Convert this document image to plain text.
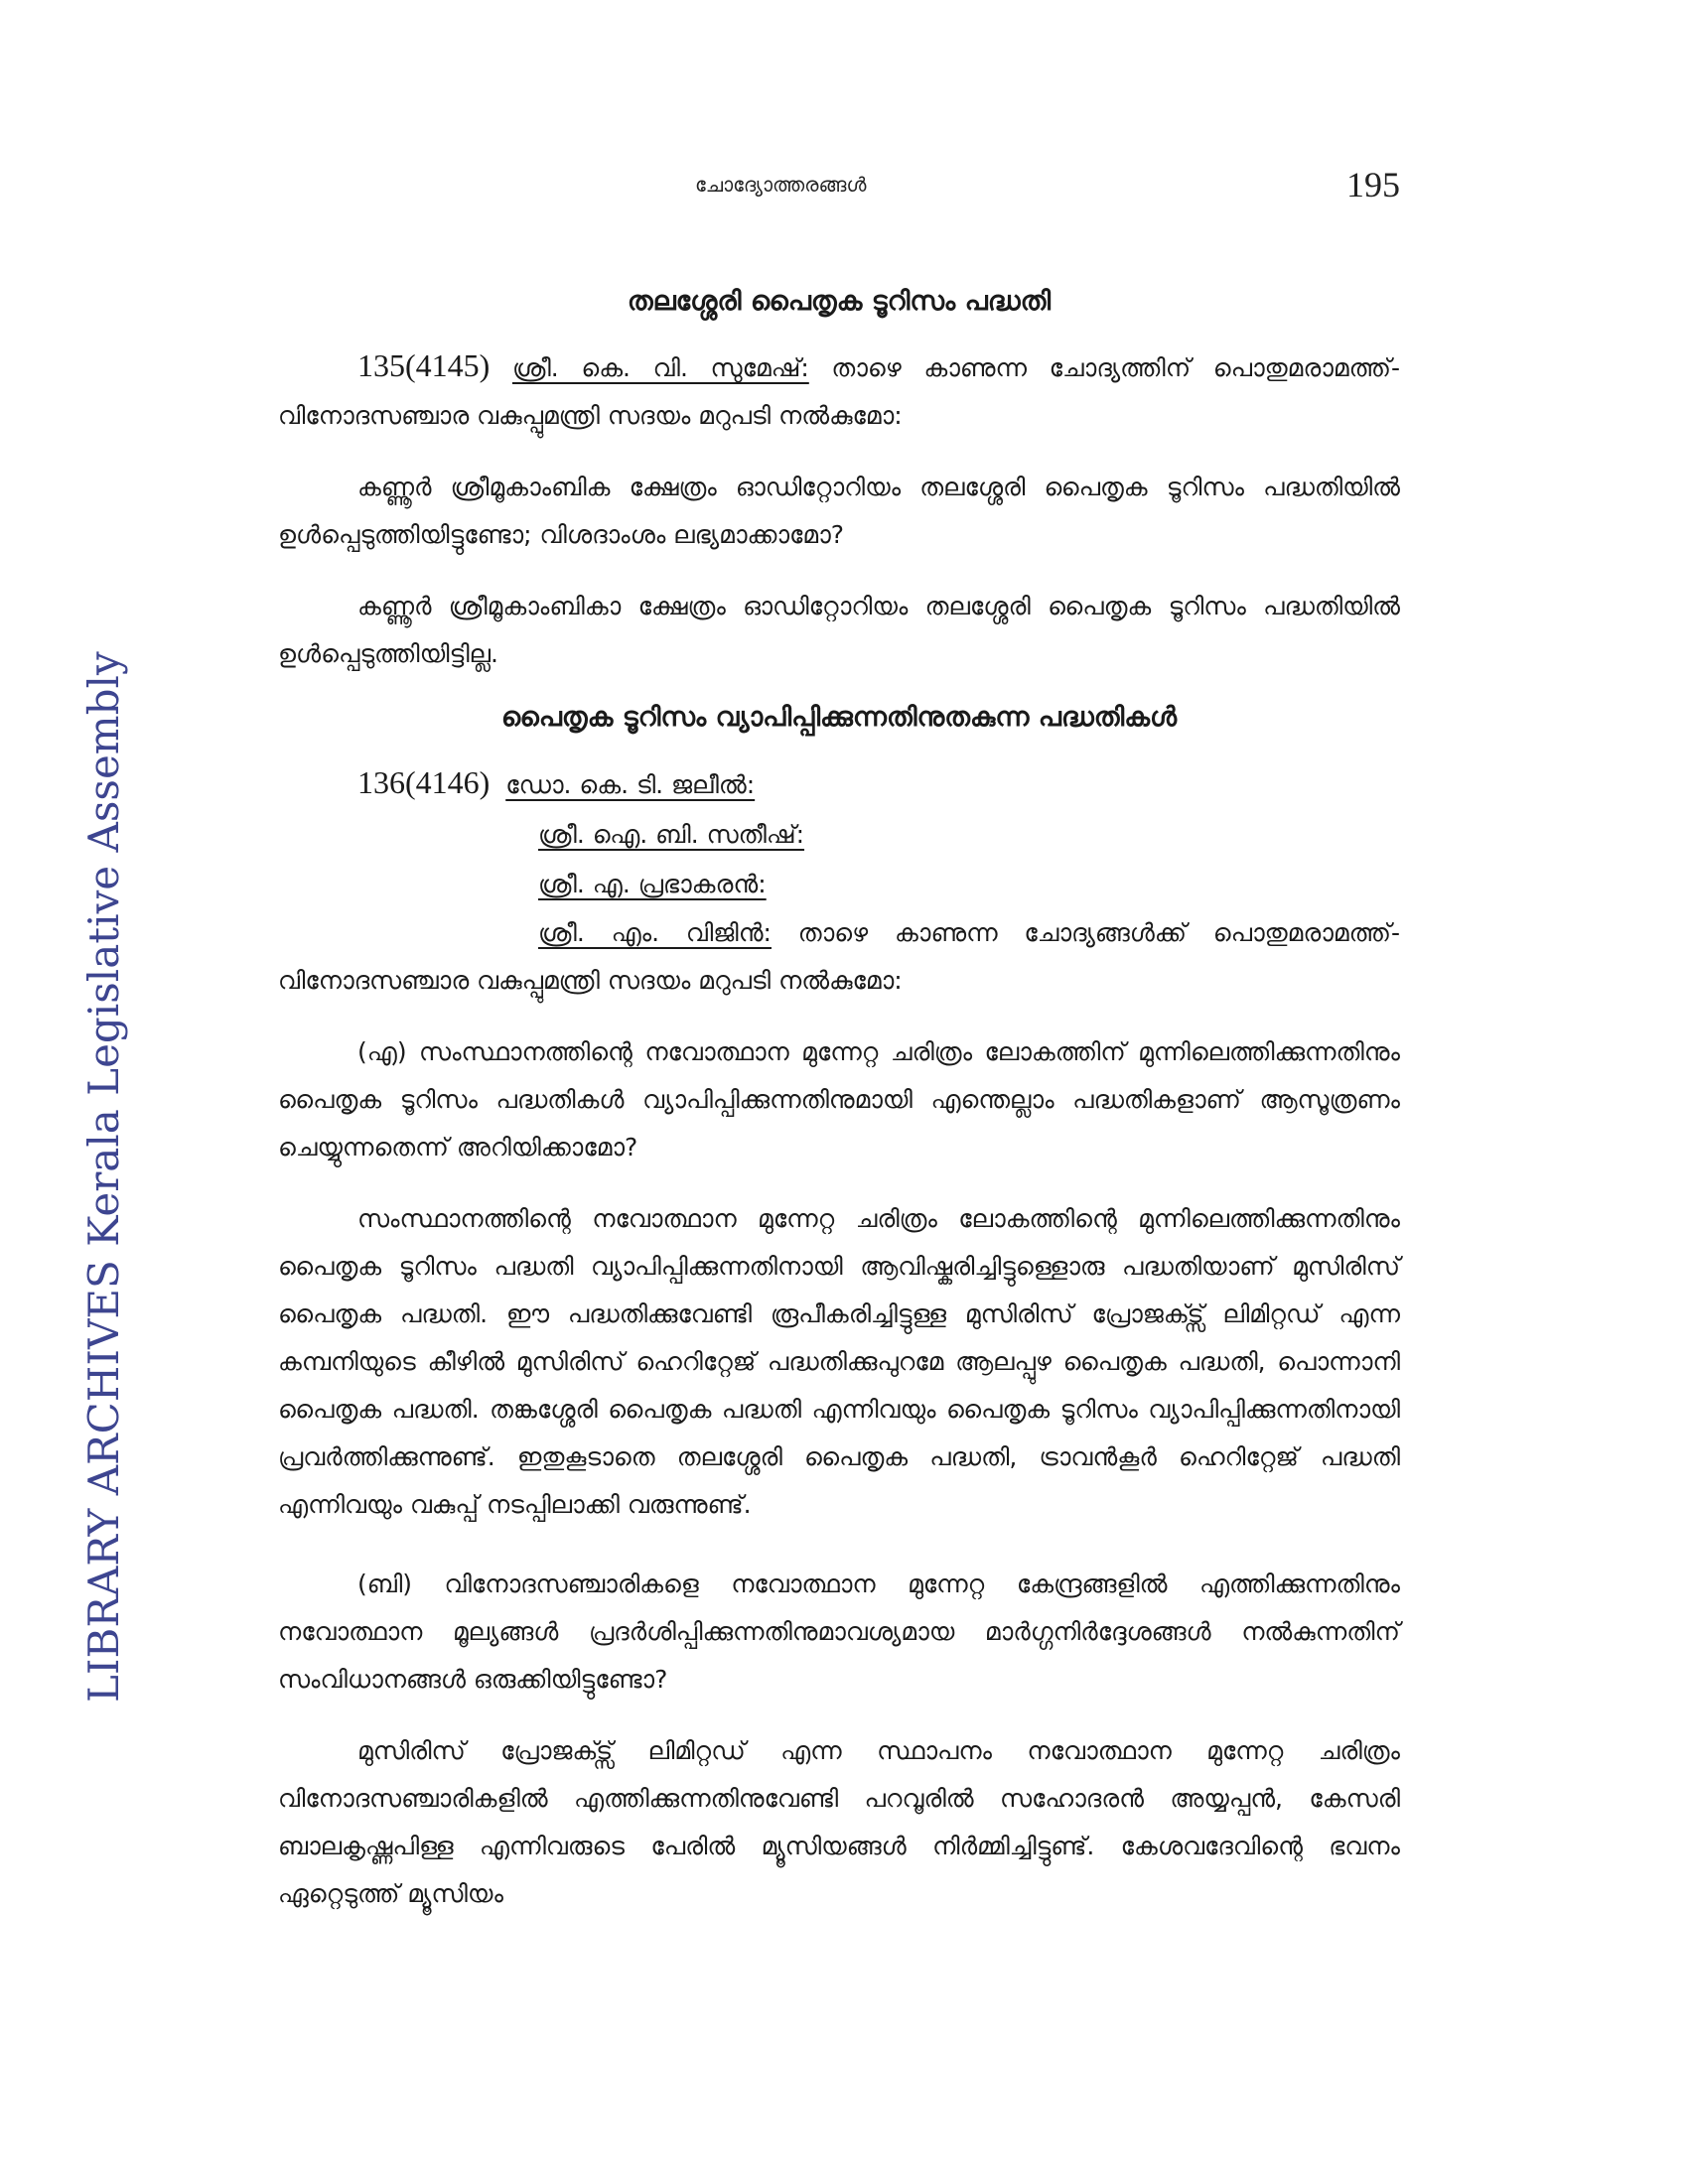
LIBRARY ARCHIVES Kerala Legislative Assembly
ചോദ്യോത്തരങ്ങൾ	195

തലശ്ശേരി പൈതൃക ടൂറിസം പദ്ധതി

135(4145) ശ്രീ. കെ. വി. സുമേഷ്: താഴെ കാണുന്ന ചോദ്യത്തിന് പൊതുമരാമത്ത്-വിനോദസഞ്ചാര വകുപ്പുമന്ത്രി സദയം മറുപടി നൽകുമോ:

കണ്ണൂർ ശ്രീമൂകാംബിക ക്ഷേത്രം ഓഡിറ്റോറിയം തലശ്ശേരി പൈതൃക ടൂറിസം പദ്ധതിയിൽ ഉൾപ്പെടുത്തിയിട്ടുണ്ടോ; വിശദാംശം ലഭ്യമാക്കാമോ?

കണ്ണൂർ ശ്രീമൂകാംബികാ ക്ഷേത്രം ഓഡിറ്റോറിയം തലശ്ശേരി പൈതൃക ടൂറിസം പദ്ധതിയിൽ ഉൾപ്പെടുത്തിയിട്ടില്ല.

പൈതൃക ടൂറിസം വ്യാപിപ്പിക്കുന്നതിനുതകുന്ന പദ്ധതികൾ

136(4146) ഡോ. കെ. ടി. ജലീൽ:
ശ്രീ. ഐ. ബി. സതീഷ്:
ശ്രീ. എ. പ്രഭാകരൻ:

ശ്രീ. എം. വിജിൻ: താഴെ കാണുന്ന ചോദ്യങ്ങൾക്ക് പൊതുമരാമത്ത്-വിനോദസഞ്ചാര വകുപ്പുമന്ത്രി സദയം മറുപടി നൽകുമോ:

(എ) സംസ്ഥാനത്തിന്റെ നവോത്ഥാന മുന്നേറ്റ ചരിത്രം ലോകത്തിന് മുന്നിലെത്തിക്കുന്നതിനും പൈതൃക ടൂറിസം പദ്ധതികൾ വ്യാപിപ്പിക്കുന്നതിനുമായി എന്തെല്ലാം പദ്ധതികളാണ് ആസൂത്രണം ചെയ്യുന്നതെന്ന് അറിയിക്കാമോ?

സംസ്ഥാനത്തിന്റെ നവോത്ഥാന മുന്നേറ്റ ചരിത്രം ലോകത്തിന്റെ മുന്നിലെത്തിക്കുന്നതിനും പൈതൃക ടൂറിസം പദ്ധതി വ്യാപിപ്പിക്കുന്നതിനായി ആവിഷ്കരിച്ചിട്ടുള്ളൊരു പദ്ധതിയാണ് മുസിരിസ് പൈതൃക പദ്ധതി. ഈ പദ്ധതിക്കുവേണ്ടി രൂപീകരിച്ചിട്ടുള്ള മുസിരിസ് പ്രോജക്ട്സ് ലിമിറ്റഡ് എന്ന കമ്പനിയുടെ കീഴിൽ മുസിരിസ് ഹെറിറ്റേജ് പദ്ധതിക്കുപുറമേ ആലപ്പുഴ പൈതൃക പദ്ധതി, പൊന്നാനി പൈതൃക പദ്ധതി. തങ്കശ്ശേരി പൈതൃക പദ്ധതി എന്നിവയും പൈതൃക ടൂറിസം വ്യാപിപ്പിക്കുന്നതിനായി പ്രവർത്തിക്കുന്നുണ്ട്. ഇതുകൂടാതെ തലശ്ശേരി പൈതൃക പദ്ധതി, ട്രാവൻകൂർ ഹെറിറ്റേജ് പദ്ധതി എന്നിവയും വകുപ്പ് നടപ്പിലാക്കി വരുന്നുണ്ട്.

(ബി) വിനോദസഞ്ചാരികളെ നവോത്ഥാന മുന്നേറ്റ കേന്ദ്രങ്ങളിൽ എത്തിക്കുന്നതിനും നവോത്ഥാന മൂല്യങ്ങൾ പ്രദർശിപ്പിക്കുന്നതിനുമാവശ്യമായ മാർഗ്ഗനിർദ്ദേശങ്ങൾ നൽകുന്നതിന് സംവിധാനങ്ങൾ ഒരുക്കിയിട്ടുണ്ടോ?

മുസിരിസ് പ്രോജക്ട്സ് ലിമിറ്റഡ് എന്ന സ്ഥാപനം നവോത്ഥാന മുന്നേറ്റ ചരിത്രം വിനോദസഞ്ചാരികളിൽ എത്തിക്കുന്നതിനുവേണ്ടി പറവൂരിൽ സഹോദരൻ അയ്യപ്പൻ, കേസരി ബാലകൃഷ്ണപിള്ള എന്നിവരുടെ പേരിൽ മ്യൂസിയങ്ങൾ നിർമ്മിച്ചിട്ടുണ്ട്. കേശവദേവിന്റെ ഭവനം ഏറ്റെടുത്ത് മ്യൂസിയം
